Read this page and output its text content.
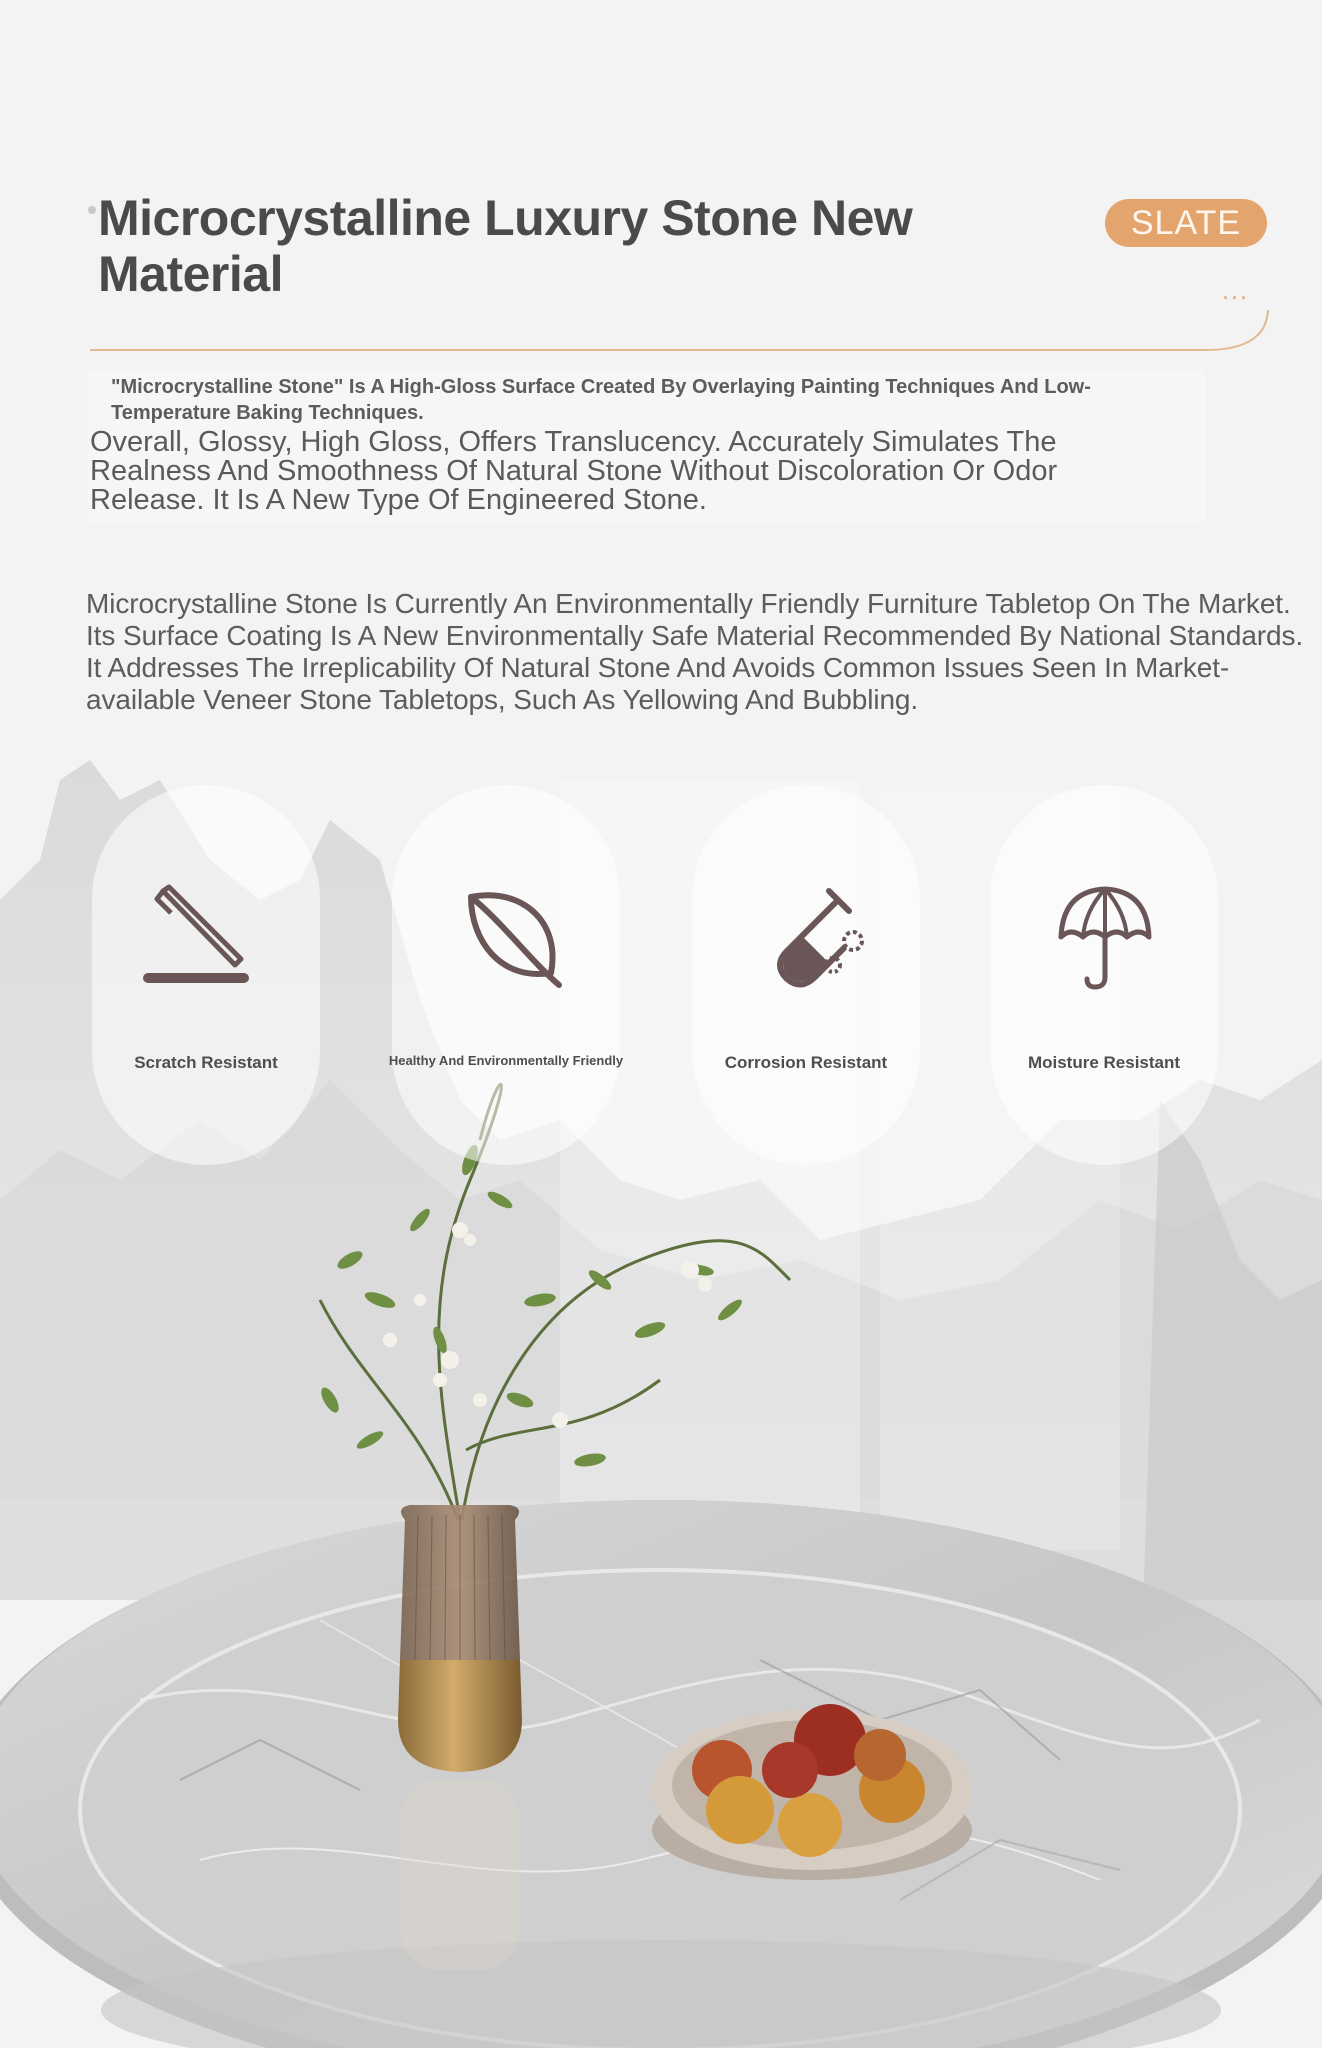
Microcrystalline Luxury Stone New Material
SLATE
...

"Microcrystalline Stone" Is A High-Gloss Surface Created By Overlaying Painting Techniques And Low-Temperature Baking Techniques.

Overall, Glossy, High Gloss, Offers Translucency. Accurately Simulates The Realness And Smoothness Of Natural Stone Without Discoloration Or Odor Release. It Is A New Type Of Engineered Stone.

Microcrystalline Stone Is Currently An Environmentally Friendly Furniture Tabletop On The Market. Its Surface Coating Is A New Environmentally Safe Material Recommended By National Standards. It Addresses The Irreplicability Of Natural Stone And Avoids Common Issues Seen In Market-available Veneer Stone Tabletops, Such As Yellowing And Bubbling.

Scratch Resistant	Healthy And Environmentally Friendly	Corrosion Resistant	Moisture Resistant
